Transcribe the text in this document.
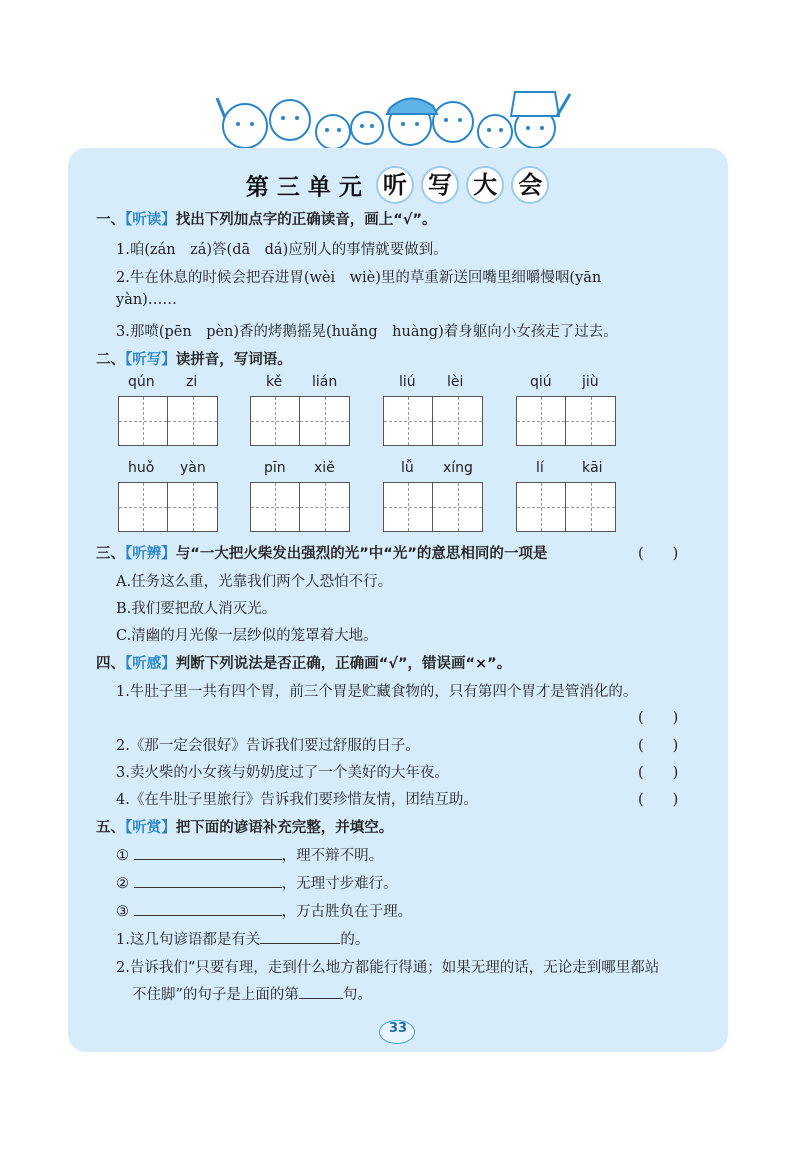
第三单元 听 写 大 会
一、【听读】找出下列加点字的正确读音，画上“√”。
1.咱(zán　zá)答(dā　dá)应别人的事情就要做到。
2.牛在休息的时候会把吞进胃(wèi　wiè)里的草重新送回嘴里细嚼慢咽(yān
yàn)……
3.那喷(pēn　pèn)香的烤鹅摇晃(huǎng　huàng)着身躯向小女孩走了过去。
二、【听写】读拼音，写词语。
qún zi	kě lián	liú lèi	qiú jiù
huǒ yàn	pīn xiě	lǚ xíng	lí	kāi
三、【听辨】与“一大把火柴发出强烈的光”中“光”的意思相同的一项是	(　　)
A.任务这么重，光靠我们两个人恐怕不行。
B.我们要把敌人消灭光。
C.清幽的月光像一层纱似的笼罩着大地。
四、【听感】判断下列说法是否正确，正确画“√”，错误画“×”。
1.牛肚子里一共有四个胃，前三个胃是贮藏食物的，只有第四个胃才是管消化的。
(　　)
2.《那一定会很好》告诉我们要过舒服的日子。	(　　)
3.卖火柴的小女孩与奶奶度过了一个美好的大年夜。	(　　)
4.《在牛肚子里旅行》告诉我们要珍惜友情，团结互助。	(　　)
五、【听赏】把下面的谚语补充完整，并填空。
①	，理不辩不明。
②	，无理寸步难行。
③	，万古胜负在于理。
1.这几句谚语都是有关	的。
2.告诉我们“只要有理，走到什么地方都能行得通；如果无理的话，无论走到哪里都站
不住脚”的句子是上面的第	句。
33
